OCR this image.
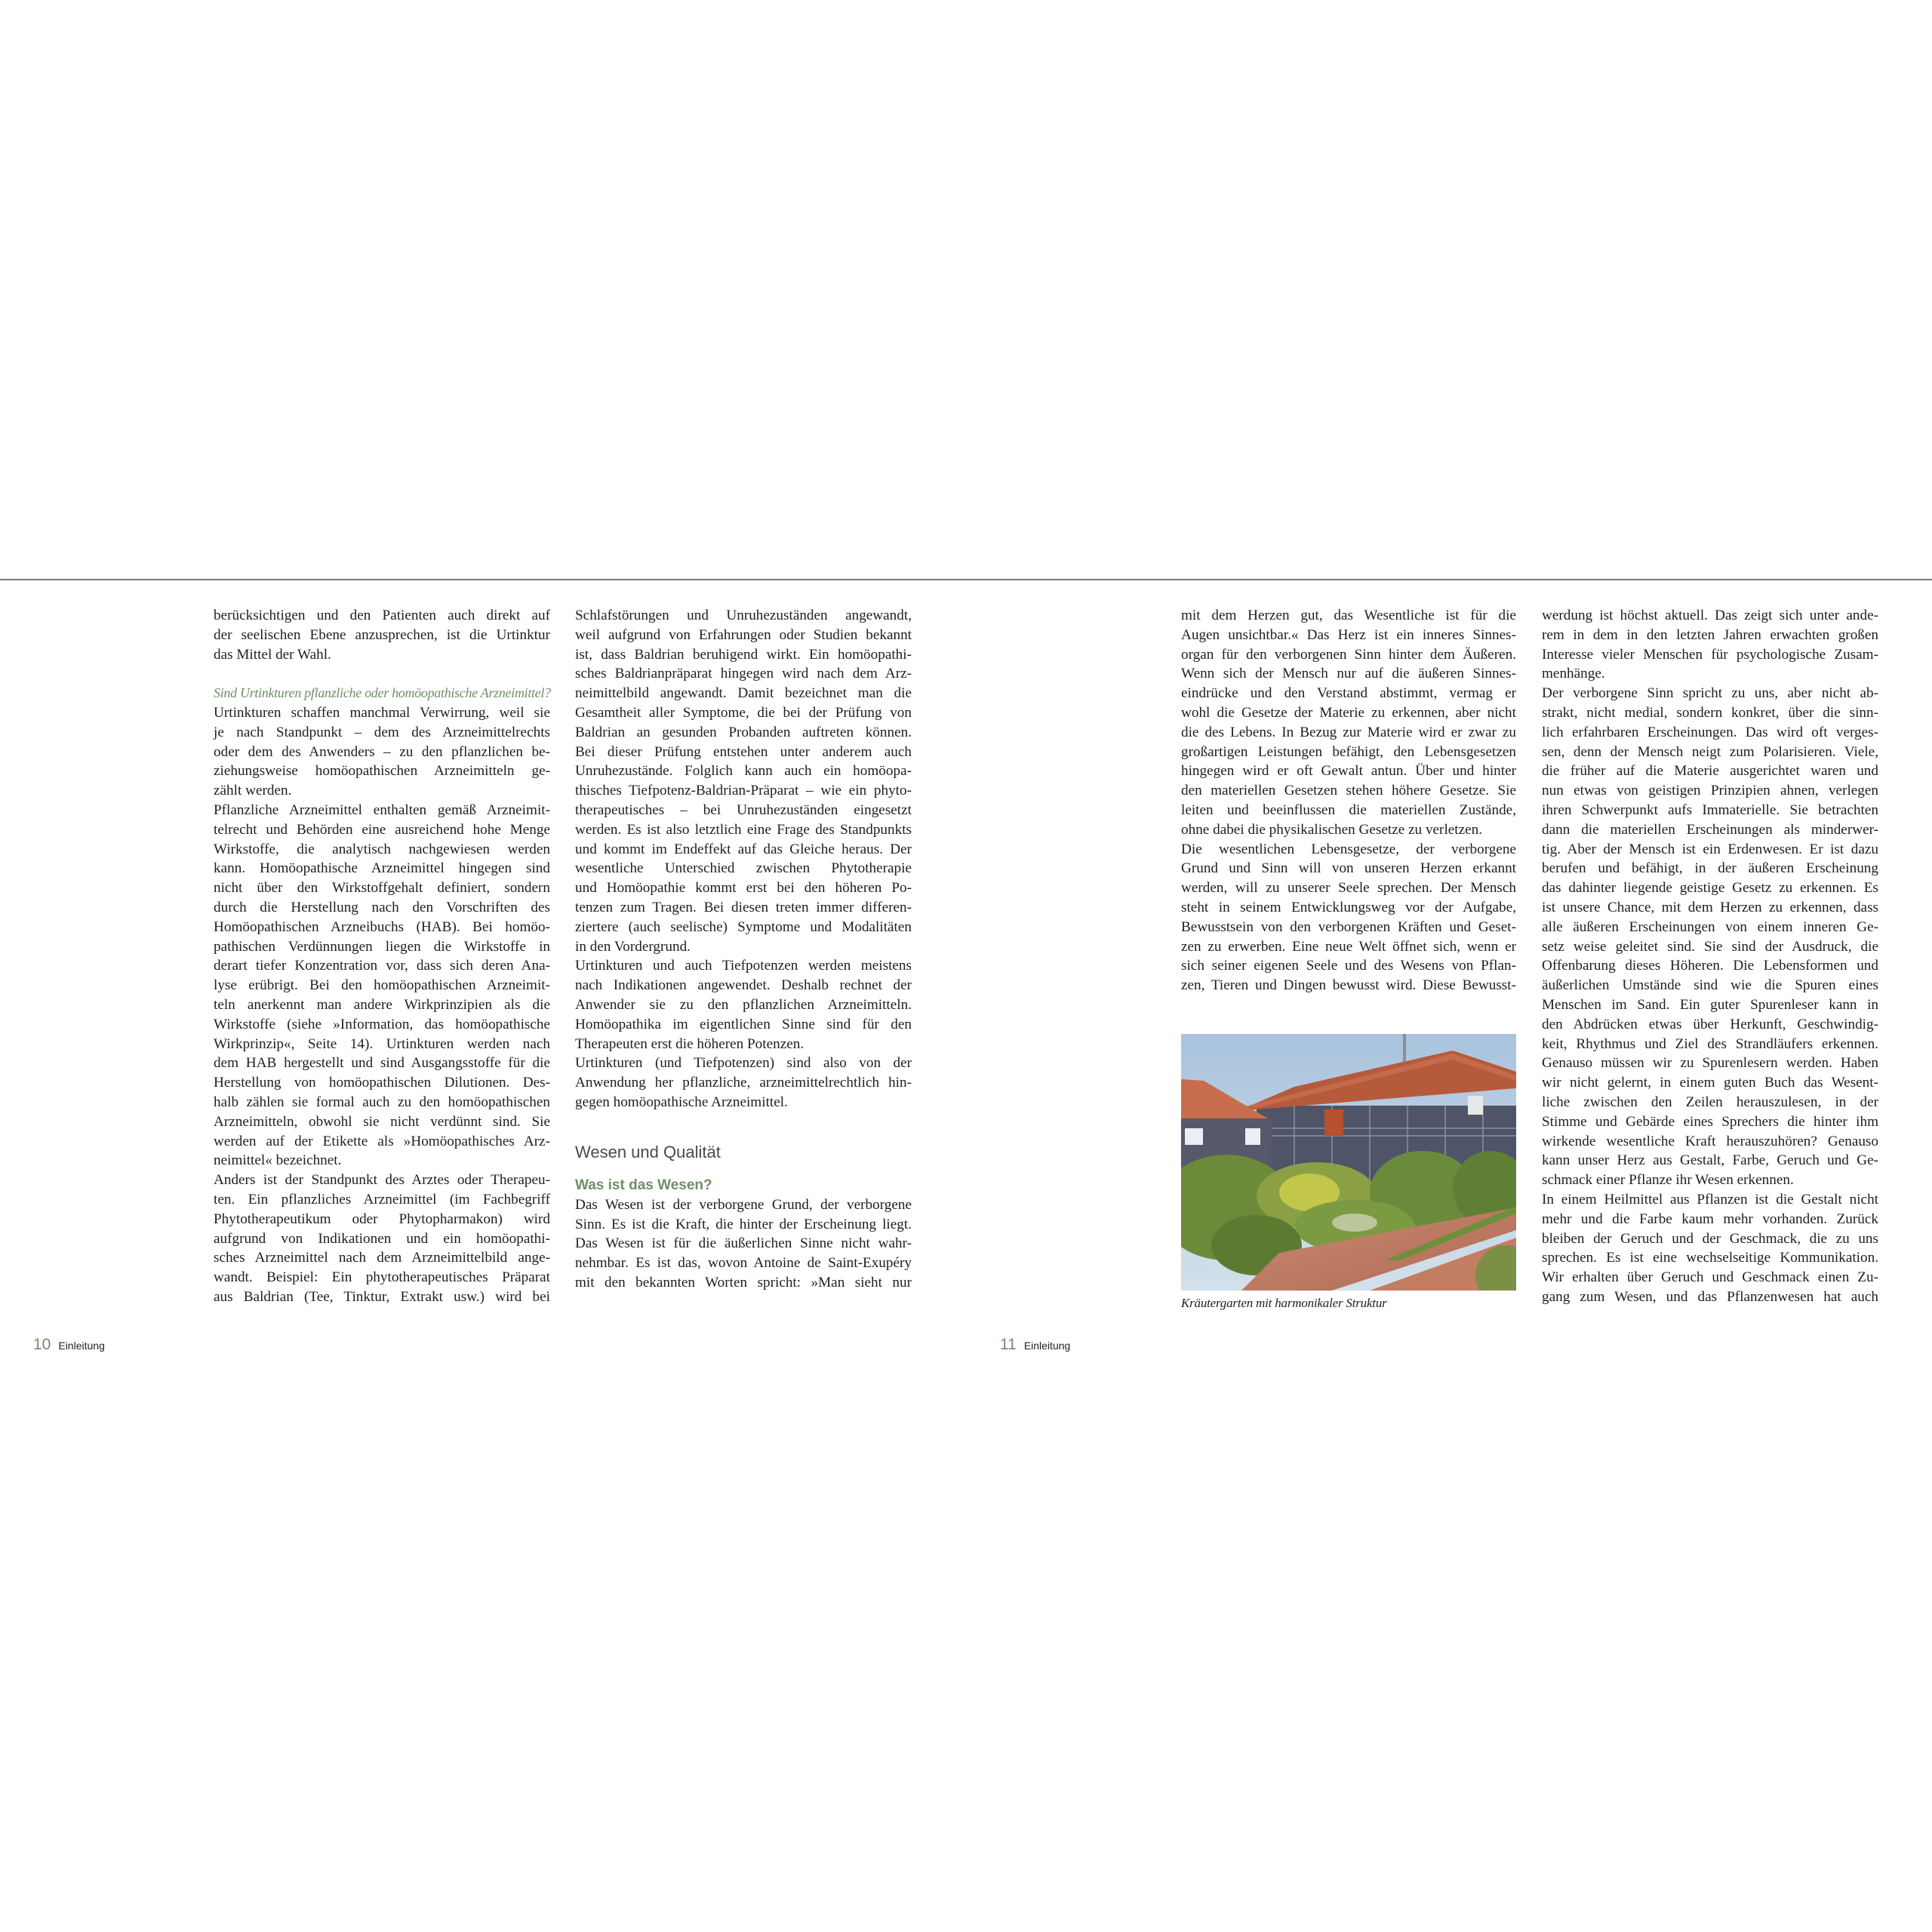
berücksichtigen und den Patienten auch direkt auf
der seelischen Ebene anzusprechen, ist die Urtinktur
das Mittel der Wahl.

Sind Urtinkturen pflanzliche oder homöopathische Arzneimittel?

Urtinkturen schaffen manchmal Verwirrung, weil sie
je nach Standpunkt – dem des Arzneimittelrechts
oder dem des Anwenders – zu den pflanzlichen be-
ziehungsweise homöopathischen Arzneimitteln ge-
zählt werden.

Pflanzliche Arzneimittel enthalten gemäß Arzneimit-
telrecht und Behörden eine ausreichend hohe Menge
Wirkstoffe, die analytisch nachgewiesen werden
kann. Homöopathische Arzneimittel hingegen sind
nicht über den Wirkstoffgehalt definiert, sondern
durch die Herstellung nach den Vorschriften des
Homöopathischen Arzneibuchs (HAB). Bei homöo-
pathischen Verdünnungen liegen die Wirkstoffe in
derart tiefer Konzentration vor, dass sich deren Ana-
lyse erübrigt. Bei den homöopathischen Arzneimit-
teln anerkennt man andere Wirkprinzipien als die
Wirkstoffe (siehe »Information, das homöopathische
Wirkprinzip«, Seite 14). Urtinkturen werden nach
dem HAB hergestellt und sind Ausgangsstoffe für die
Herstellung von homöopathischen Dilutionen. Des-
halb zählen sie formal auch zu den homöopathischen
Arzneimitteln, obwohl sie nicht verdünnt sind. Sie
werden auf der Etikette als »Homöopathisches Arz-
neimittel« bezeichnet.

Anders ist der Standpunkt des Arztes oder Therapeu-
ten. Ein pflanzliches Arzneimittel (im Fachbegriff
Phytotherapeutikum oder Phytopharmakon) wird
aufgrund von Indikationen und ein homöopathi-
sches Arzneimittel nach dem Arzneimittelbild ange-
wandt. Beispiel: Ein phytotherapeutisches Präparat
aus Baldrian (Tee, Tinktur, Extrakt usw.) wird bei

Schlafstörungen und Unruhezuständen angewandt,
weil aufgrund von Erfahrungen oder Studien bekannt
ist, dass Baldrian beruhigend wirkt. Ein homöopathi-
sches Baldrianpräparat hingegen wird nach dem Arz-
neimittelbild angewandt. Damit bezeichnet man die
Gesamtheit aller Symptome, die bei der Prüfung von
Baldrian an gesunden Probanden auftreten können.
Bei dieser Prüfung entstehen unter anderem auch
Unruhezustände. Folglich kann auch ein homöopa-
thisches Tiefpotenz-Baldrian-Präparat – wie ein phyto-
therapeutisches – bei Unruhezuständen eingesetzt
werden. Es ist also letztlich eine Frage des Standpunkts
und kommt im Endeffekt auf das Gleiche heraus. Der
wesentliche Unterschied zwischen Phytotherapie
und Homöopathie kommt erst bei den höheren Po-
tenzen zum Tragen. Bei diesen treten immer differen-
ziertere (auch seelische) Symptome und Modalitäten
in den Vordergrund.

Urtinkturen und auch Tiefpotenzen werden meistens
nach Indikationen angewendet. Deshalb rechnet der
Anwender sie zu den pflanzlichen Arzneimitteln.
Homöopathika im eigentlichen Sinne sind für den
Therapeuten erst die höheren Potenzen.

Urtinkturen (und Tiefpotenzen) sind also von der
Anwendung her pflanzliche, arzneimittelrechtlich hin-
gegen homöopathische Arzneimittel.

Wesen und Qualität
Was ist das Wesen?

Das Wesen ist der verborgene Grund, der verborgene
Sinn. Es ist die Kraft, die hinter der Erscheinung liegt.
Das Wesen ist für die äußerlichen Sinne nicht wahr-
nehmbar. Es ist das, wovon Antoine de Saint-Exupéry
mit den bekannten Worten spricht: »Man sieht nur

10 Einleitung

mit dem Herzen gut, das Wesentliche ist für die
Augen unsichtbar.« Das Herz ist ein inneres Sinnes-
organ für den verborgenen Sinn hinter dem Äußeren.
Wenn sich der Mensch nur auf die äußeren Sinnes-
eindrücke und den Verstand abstimmt, vermag er
wohl die Gesetze der Materie zu erkennen, aber nicht
die des Lebens. In Bezug zur Materie wird er zwar zu
großartigen Leistungen befähigt, den Lebensgesetzen
hingegen wird er oft Gewalt antun. Über und hinter
den materiellen Gesetzen stehen höhere Gesetze. Sie
leiten und beeinflussen die materiellen Zustände,
ohne dabei die physikalischen Gesetze zu verletzen.

Die wesentlichen Lebensgesetze, der verborgene
Grund und Sinn will von unseren Herzen erkannt
werden, will zu unserer Seele sprechen. Der Mensch
steht in seinem Entwicklungsweg vor der Aufgabe,
Bewusstsein von den verborgenen Kräften und Geset-
zen zu erwerben. Eine neue Welt öffnet sich, wenn er
sich seiner eigenen Seele und des Wesens von Pflan-
zen, Tieren und Dingen bewusst wird. Diese Bewusst-

Kräutergarten mit harmonikaler Struktur

werdung ist höchst aktuell. Das zeigt sich unter ande-
rem in dem in den letzten Jahren erwachten großen
Interesse vieler Menschen für psychologische Zusam-
menhänge.

Der verborgene Sinn spricht zu uns, aber nicht ab-
strakt, nicht medial, sondern konkret, über die sinn-
lich erfahrbaren Erscheinungen. Das wird oft verges-
sen, denn der Mensch neigt zum Polarisieren. Viele,
die früher auf die Materie ausgerichtet waren und
nun etwas von geistigen Prinzipien ahnen, verlegen
ihren Schwerpunkt aufs Immaterielle. Sie betrachten
dann die materiellen Erscheinungen als minderwer-
tig. Aber der Mensch ist ein Erdenwesen. Er ist dazu
berufen und befähigt, in der äußeren Erscheinung
das dahinter liegende geistige Gesetz zu erkennen. Es
ist unsere Chance, mit dem Herzen zu erkennen, dass
alle äußeren Erscheinungen von einem inneren Ge-
setz weise geleitet sind. Sie sind der Ausdruck, die
Offenbarung dieses Höheren. Die Lebensformen und
äußerlichen Umstände sind wie die Spuren eines
Menschen im Sand. Ein guter Spurenleser kann in
den Abdrücken etwas über Herkunft, Geschwindig-
keit, Rhythmus und Ziel des Strandläufers erkennen.
Genauso müssen wir zu Spurenlesern werden. Haben
wir nicht gelernt, in einem guten Buch das Wesent-
liche zwischen den Zeilen herauszulesen, in der
Stimme und Gebärde eines Sprechers die hinter ihm
wirkende wesentliche Kraft herauszuhören? Genauso
kann unser Herz aus Gestalt, Farbe, Geruch und Ge-
schmack einer Pflanze ihr Wesen erkennen.

In einem Heilmittel aus Pflanzen ist die Gestalt nicht
mehr und die Farbe kaum mehr vorhanden. Zurück
bleiben der Geruch und der Geschmack, die zu uns
sprechen. Es ist eine wechselseitige Kommunikation.
Wir erhalten über Geruch und Geschmack einen Zu-
gang zum Wesen, und das Pflanzenwesen hat auch

11 Einleitung
